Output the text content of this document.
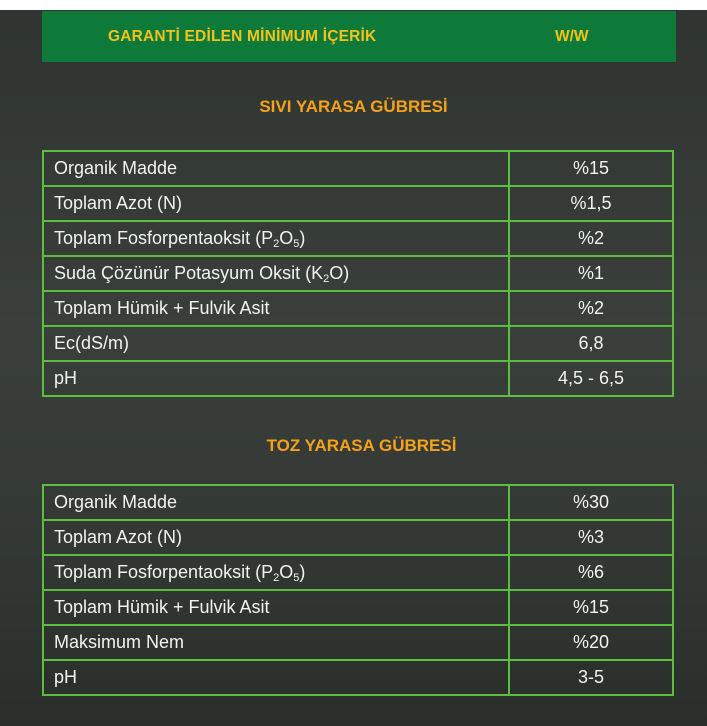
GARANTİ EDİLEN MİNİMUM İÇERİK	W/W
SIVI YARASA GÜBRESİ
Organik Madde	%15
Toplam Azot (N)	%1,5
Toplam Fosforpentaoksit $(P_2O_5)$	%2
Suda Çözünür Potasyum Oksit $(K_2O)$	%1
Toplam Hümik + Fulvik Asit	%2
Ec(dS/m)	6,8
pH	4,5 - 6,5
TOZ YARASA GÜBRESİ
Organik Madde	%30
Toplam Azot (N)	%3
Toplam Fosforpentaoksit $(P_2O_5)$	%6
Toplam Hümik + Fulvik Asit	%15
Maksimum Nem	%20
pH	3-5
